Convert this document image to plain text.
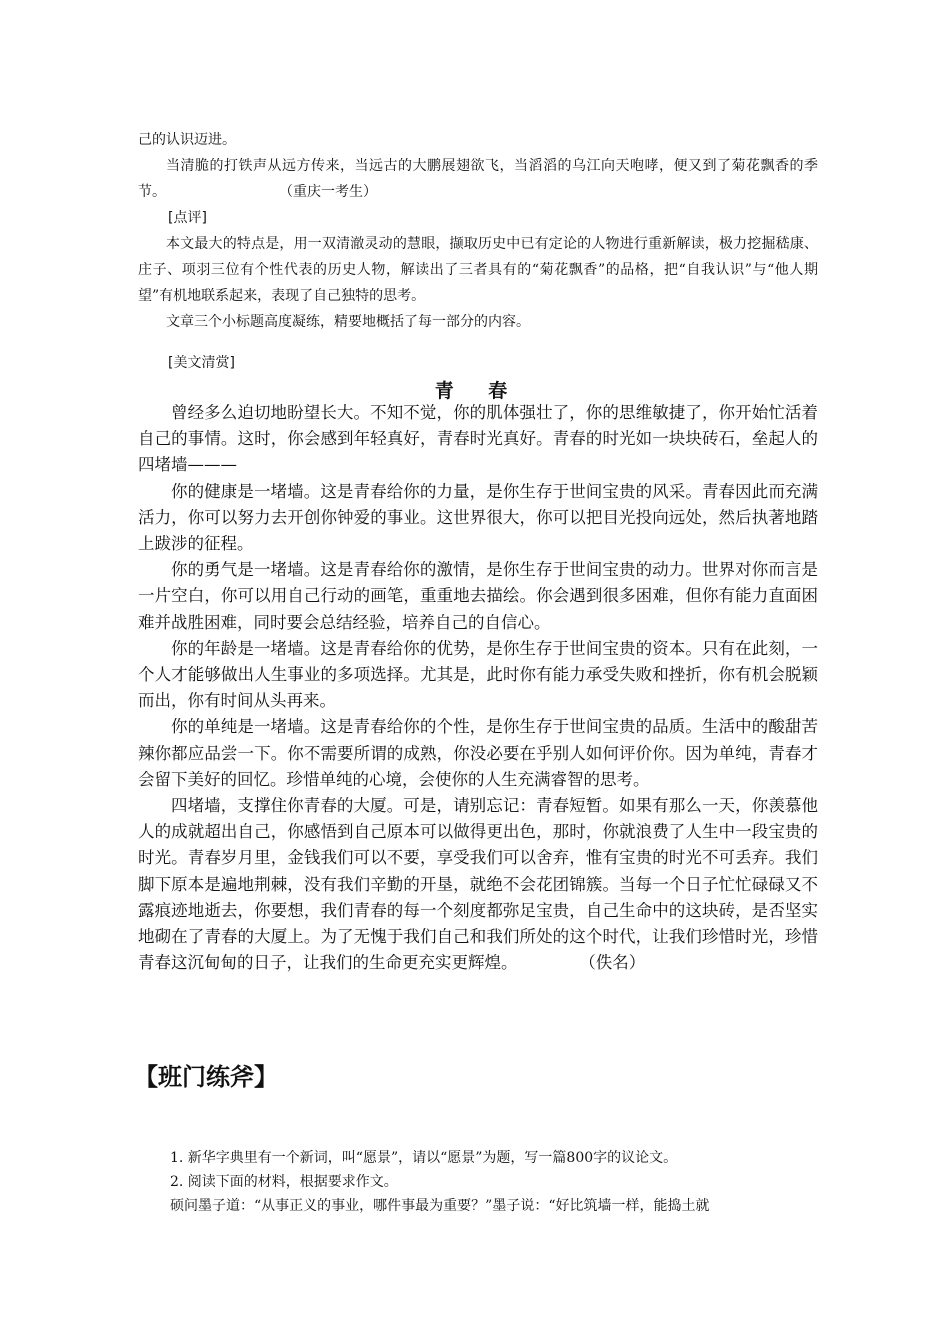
己的认识迈进。

当清脆的打铁声从远方传来，当远古的大鹏展翅欲飞，当滔滔的乌江向天咆哮，便又到了菊花飘香的季节。	（重庆一考生）

[点评]

本文最大的特点是，用一双清澈灵动的慧眼，撷取历史中已有定论的人物进行重新解读，极力挖掘嵇康、庄子、项羽三位有个性代表的历史人物，解读出了三者具有的“菊花飘香”的品格，把“自我认识”与“他人期望”有机地联系起来，表现了自己独特的思考。

文章三个小标题高度凝练，精要地概括了每一部分的内容。

[美文清赏]

青 春

曾经多么迫切地盼望长大。不知不觉，你的肌体强壮了，你的思维敏捷了，你开始忙活着自己的事情。这时，你会感到年轻真好，青春时光真好。青春的时光如一块块砖石，垒起人的四堵墙———

你的健康是一堵墙。这是青春给你的力量，是你生存于世间宝贵的风采。青春因此而充满活力，你可以努力去开创你钟爱的事业。这世界很大，你可以把目光投向远处，然后执著地踏上跋涉的征程。

你的勇气是一堵墙。这是青春给你的激情，是你生存于世间宝贵的动力。世界对你而言是一片空白，你可以用自己行动的画笔，重重地去描绘。你会遇到很多困难，但你有能力直面困难并战胜困难，同时要会总结经验，培养自己的自信心。

你的年龄是一堵墙。这是青春给你的优势，是你生存于世间宝贵的资本。只有在此刻，一个人才能够做出人生事业的多项选择。尤其是，此时你有能力承受失败和挫折，你有机会脱颖而出，你有时间从头再来。

你的单纯是一堵墙。这是青春给你的个性，是你生存于世间宝贵的品质。生活中的酸甜苦辣你都应品尝一下。你不需要所谓的成熟，你没必要在乎别人如何评价你。因为单纯，青春才会留下美好的回忆。珍惜单纯的心境，会使你的人生充满睿智的思考。

四堵墙，支撑住你青春的大厦。可是，请别忘记：青春短暂。如果有那么一天，你羡慕他人的成就超出自己，你感悟到自己原本可以做得更出色，那时，你就浪费了人生中一段宝贵的时光。青春岁月里，金钱我们可以不要，享受我们可以舍弃，惟有宝贵的时光不可丢弃。我们脚下原本是遍地荆棘，没有我们辛勤的开垦，就绝不会花团锦簇。当每一个日子忙忙碌碌又不露痕迹地逝去，你要想，我们青春的每一个刻度都弥足宝贵，自己生命中的这块砖，是否坚实地砌在了青春的大厦上。为了无愧于我们自己和我们所处的这个时代，让我们珍惜时光，珍惜青春这沉甸甸的日子，让我们的生命更充实更辉煌。	（佚名）

【班门练斧】

1. 新华字典里有一个新词，叫“愿景”，请以“愿景”为题，写一篇800字的议论文。

2. 阅读下面的材料，根据要求作文。

硕问墨子道：“从事正义的事业，哪件事最为重要？”墨子说：“好比筑墙一样，能捣土就
